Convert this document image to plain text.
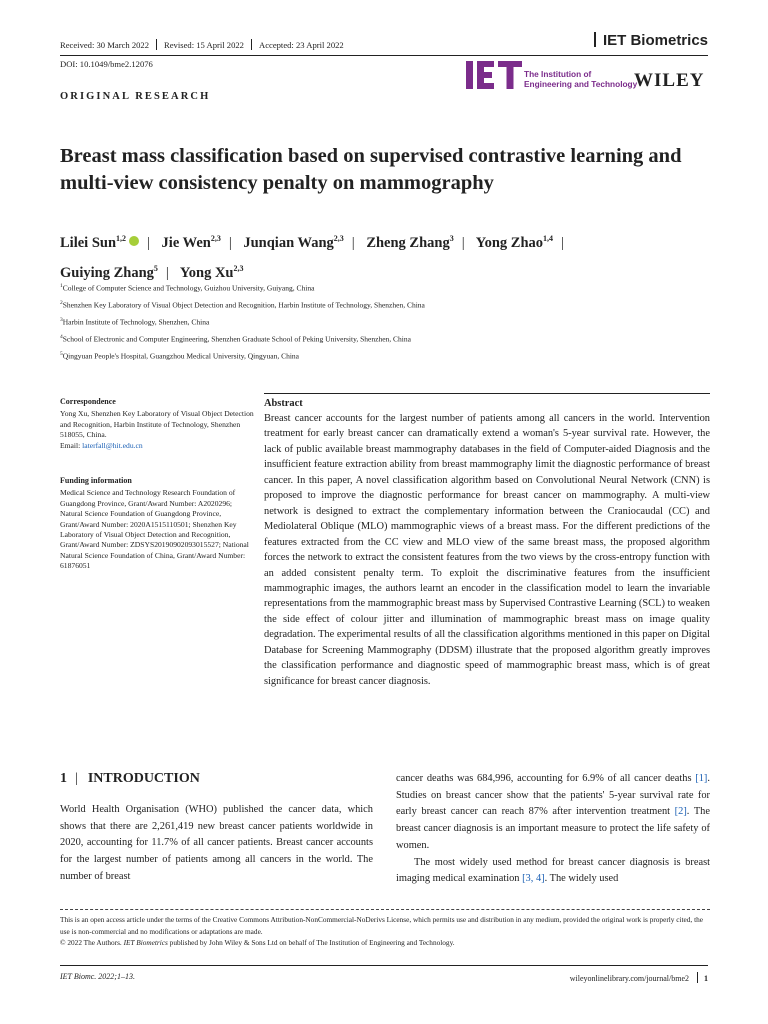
Received: 30 March 2022 Revised: 15 April 2022 Accepted: 23 April 2022	IET Biometrics
DOI: 10.1049/bme2.12076
The Institution of
Engineering and Technology
WILEY
ORIGINAL RESEARCH
Breast mass classification based on supervised contrastive learning and multi-view consistency penalty on mammography
Lilei Sun$^{1,2}$ | Jie Wen$^{2,3}$ | Junqian Wang$^{2,3}$ | Zheng Zhang$^3$ | Yong Zhao$^{1,4}$ |
Guiying Zhang$^5$ | Yong Xu$^{2,3}$
$^1$College of Computer Science and Technology, Guizhou University, Guiyang, China
$^2$Shenzhen Key Laboratory of Visual Object Detection and Recognition, Harbin Institute of Technology, Shenzhen, China
$^3$Harbin Institute of Technology, Shenzhen, China
$^4$School of Electronic and Computer Engineering, Shenzhen Graduate School of Peking University, Shenzhen, China
$^5$Qingyuan People's Hospital, Guangzhou Medical University, Qingyuan, China
Correspondence
Yong Xu, Shenzhen Key Laboratory of Visual Object Detection and Recognition, Harbin Institute of Technology, Shenzhen 518055, China.
Email: laterfall@hit.edu.cn
Funding information
Medical Science and Technology Research Foundation of Guangdong Province, Grant/Award Number: A2020296; Natural Science Foundation of Guangdong Province, Grant/Award Number: 2020A1515110501; Shenzhen Key Laboratory of Visual Object Detection and Recognition, Grant/Award Number: ZDSYS20190902093015527; National Natural Science Foundation of China, Grant/Award Number: 61876051
Abstract

Breast cancer accounts for the largest number of patients among all cancers in the world. Intervention treatment for early breast cancer can dramatically extend a woman's 5-year survival rate. However, the lack of public available breast mammography databases in the field of Computer-aided Diagnosis and the insufficient feature extraction ability from breast mammography limit the diagnostic performance of breast cancer. In this paper, A novel classification algorithm based on Convolutional Neural Network (CNN) is proposed to improve the diagnostic performance for breast cancer on mammography. A multi-view network is designed to extract the complementary information between the Craniocaudal (CC) and Mediolateral Oblique (MLO) mammographic views of a breast mass. For the different predictions of the features extracted from the CC view and MLO view of the same breast mass, the proposed algorithm forces the network to extract the consistent features from the two views by the cross-entropy function with an added consistent penalty term. To exploit the discriminative features from the insufficient mammographic images, the authors learnt an encoder in the classification model to learn the invariable representations from the mammographic breast mass by Supervised Contrastive Learning (SCL) to weaken the side effect of colour jitter and illumination of mammographic breast mass on image quality degradation. The experimental results of all the classification algorithms mentioned in this paper on Digital Database for Screening Mammography (DDSM) illustrate that the proposed algorithm greatly improves the classification performance and diagnostic speed of mammographic breast mass, which is of great significance for breast cancer diagnosis.

1 | INTRODUCTION

World Health Organisation (WHO) published the cancer data, which shows that there are 2,261,419 new breast cancer patients worldwide in 2020, accounting for 11.7% of all cancer patients. Breast cancer accounts for the largest number of patients among all cancers in the world. The number of breast

cancer deaths was 684,996, accounting for 6.9% of all cancer deaths [1]. Studies on breast cancer show that the patients' 5-year survival rate for early breast cancer can reach 87% after intervention treatment [2]. The breast cancer diagnosis is an important measure to protect the life safety of women.

The most widely used method for breast cancer diagnosis is breast imaging medical examination [3, 4]. The widely used

This is an open access article under the terms of the Creative Commons Attribution-NonCommercial-NoDerivs License, which permits use and distribution in any medium, provided the original work is properly cited, the use is non-commercial and no modifications or adaptations are made.
© 2022 The Authors. IET Biometrics published by John Wiley & Sons Ltd on behalf of The Institution of Engineering and Technology.
IET Biomc. 2022;1–13.	wileyonlinelibrary.com/journal/bme2 1
